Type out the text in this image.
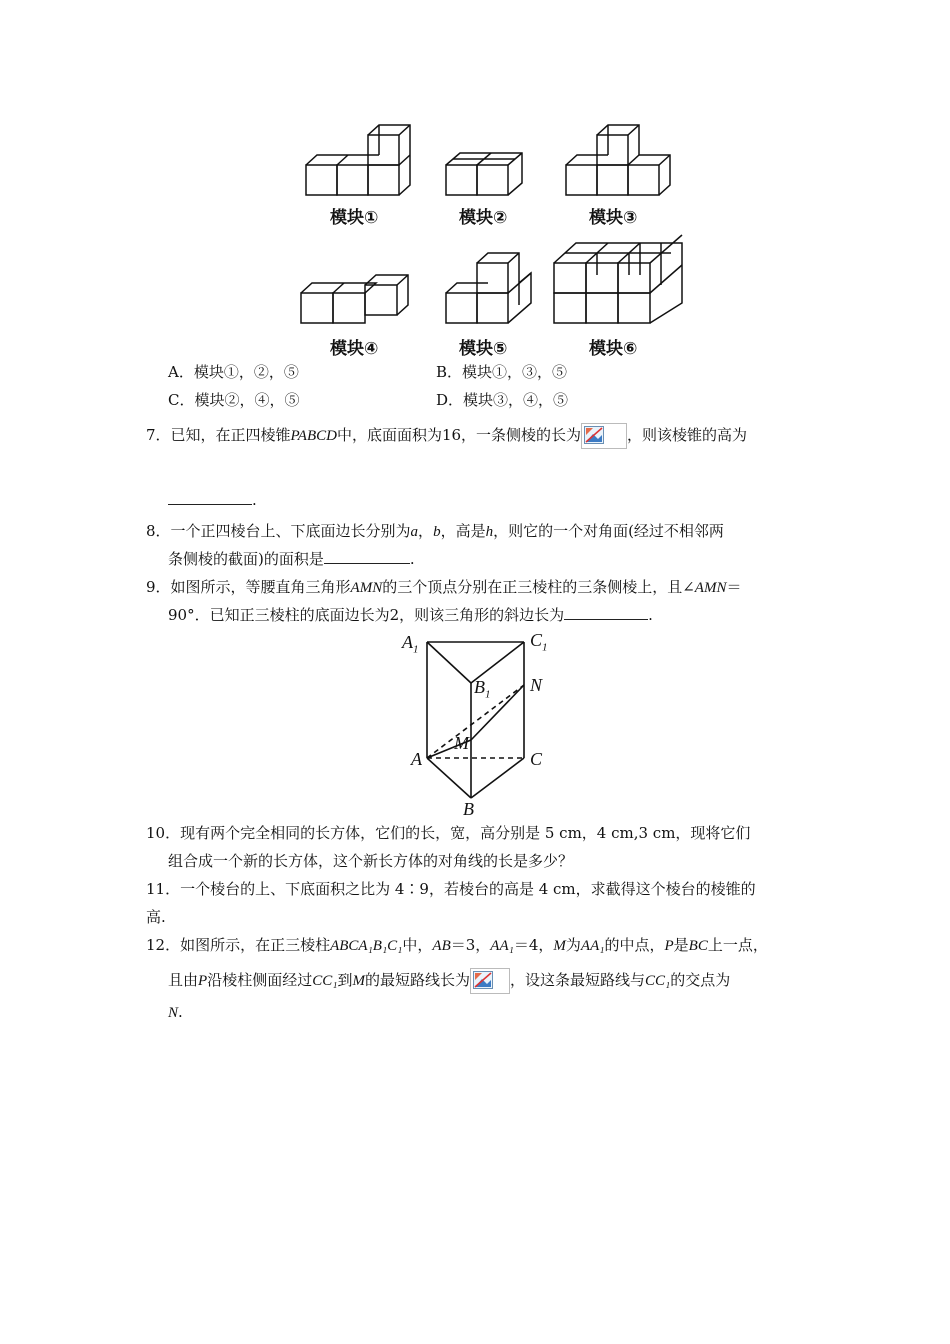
模块①	模块②	模块③
模块④	模块⑤	模块⑥
A．模块①，②，⑤	B．模块①，③，⑤
C．模块②，④，⑤	D．模块③，④，⑤
7．已知，在正四棱锥PABCD中，底面面积为16，一条侧棱的长为	，则该棱锥的高为
.
8．一个正四棱台上、下底面边长分别为a，b，高是h，则它的一个对角面(经过不相邻两
条侧棱的截面)的面积是	.
9．如图所示，等腰直角三角形AMN的三个顶点分别在正三棱柱的三条侧棱上，且∠AMN＝
90°．已知正三棱柱的底面边长为2，则该三角形的斜边长为	.
$A_1$	$C_1$
$B_1$ N
M
A	C
B
10．现有两个完全相同的长方体，它们的长，宽，高分别是 5 cm，4 cm,3 cm，现将它们
组合成一个新的长方体，这个新长方体的对角线的长是多少？
11．一个棱台的上、下底面积之比为 4∶9，若棱台的高是 4 cm，求截得这个棱台的棱锥的
高.
12．如图所示，在正三棱柱ABCA₁B₁C₁中，AB＝3，AA₁＝4，M为AA₁的中点，P是BC上一点，
且由P沿棱柱侧面经过CC₁到M的最短路线长为	，设这条最短路线与CC₁的交点为
N.
